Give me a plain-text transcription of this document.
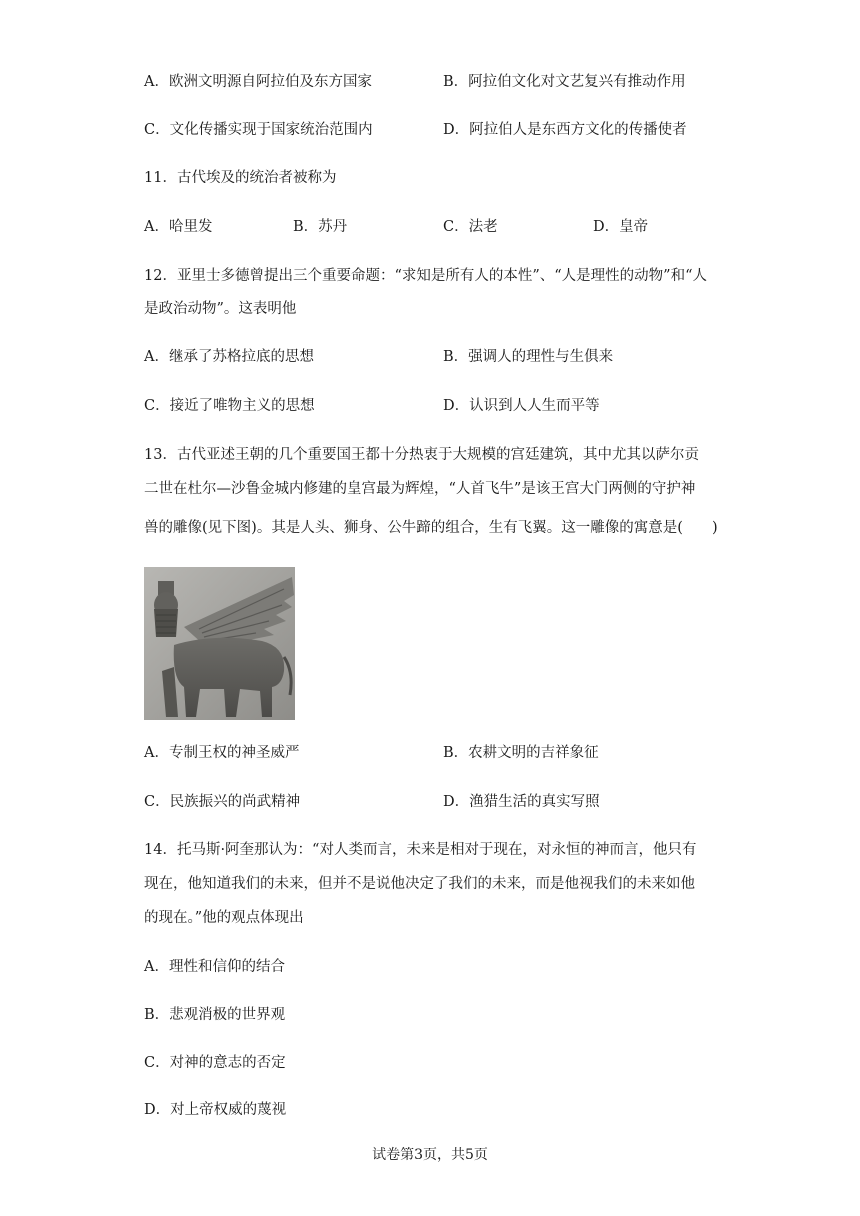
A．欧洲文明源自阿拉伯及东方国家	B．阿拉伯文化对文艺复兴有推动作用
C．文化传播实现于国家统治范围内	D．阿拉伯人是东西方文化的传播使者
11．古代埃及的统治者被称为
A．哈里发	B．苏丹	C．法老	D．皇帝
12．亚里士多德曾提出三个重要命题：“求知是所有人的本性”、“人是理性的动物”和“人
是政治动物”。这表明他
A．继承了苏格拉底的思想	B．强调人的理性与生俱来
C．接近了唯物主义的思想	D．认识到人人生而平等
13．古代亚述王朝的几个重要国王都十分热衷于大规模的宫廷建筑，其中尤其以萨尔贡
二世在杜尔—沙鲁金城内修建的皇宫最为辉煌，“人首飞牛”是该王宫大门两侧的守护神
兽的雕像(见下图)。其是人头、狮身、公牛蹄的组合，生有飞翼。这一雕像的寓意是(　　)
A．专制王权的神圣威严	B．农耕文明的吉祥象征
C．民族振兴的尚武精神	D．渔猎生活的真实写照
14．托马斯·阿奎那认为：“对人类而言，未来是相对于现在，对永恒的神而言，他只有
现在，他知道我们的未来，但并不是说他决定了我们的未来，而是他视我们的未来如他
的现在。”他的观点体现出
A．理性和信仰的结合
B．悲观消极的世界观
C．对神的意志的否定
D．对上帝权威的蔑视
试卷第3页，共5页
